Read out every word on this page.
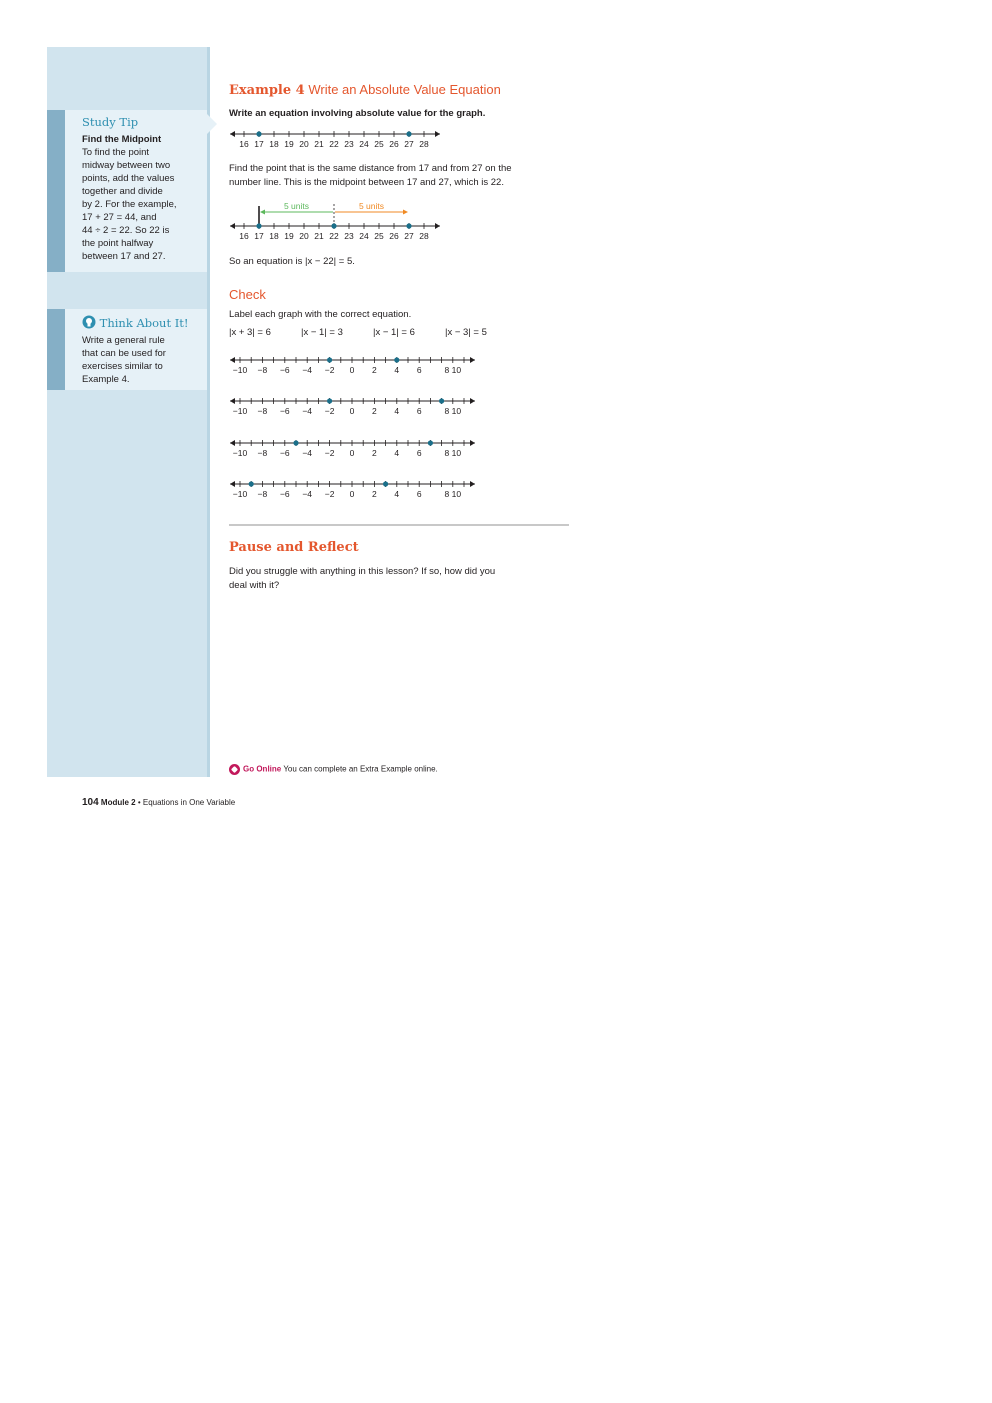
Study Tip
Find the Midpoint
To find the point
midway between two
points, add the values
together and divide
by 2. For the example,
17 + 27 = 44, and
44 ÷ 2 = 22. So 22 is
the point halfway
between 17 and 27.
Think About It!
Write a general rule
that can be used for
exercises similar to
Example 4.
Example 4 Write an Absolute Value Equation
Write an equation involving absolute value for the graph.
16 17 18 19 20 21 22 23 24 25 26 27 28
Find the point that is the same distance from 17 and from 27 on the
number line. This is the midpoint between 17 and 27, which is 22.
16 17 18 19 20 21 22 23 24 25 26 27 28
5 units	5 units
So an equation is |x − 22| = 5.
Check
Label each graph with the correct equation.
|x + 3| = 6	|x − 1| = 3	|x − 1| = 6	|x − 3| = 5
−10 −8 −6 −4 −2 0 2 4 6	8 10
−10 −8 −6 −4 −2 0 2 4 6	8 10
−10 −8 −6 −4 −2 0 2 4 6	8 10
−10 −8 −6 −4 −2 0 2 4 6	8 10
Pause and Reflect
Did you struggle with anything in this lesson? If so, how did you
deal with it?
Go Online You can complete an Extra Example online.
104 Module 2 • Equations in One Variable
